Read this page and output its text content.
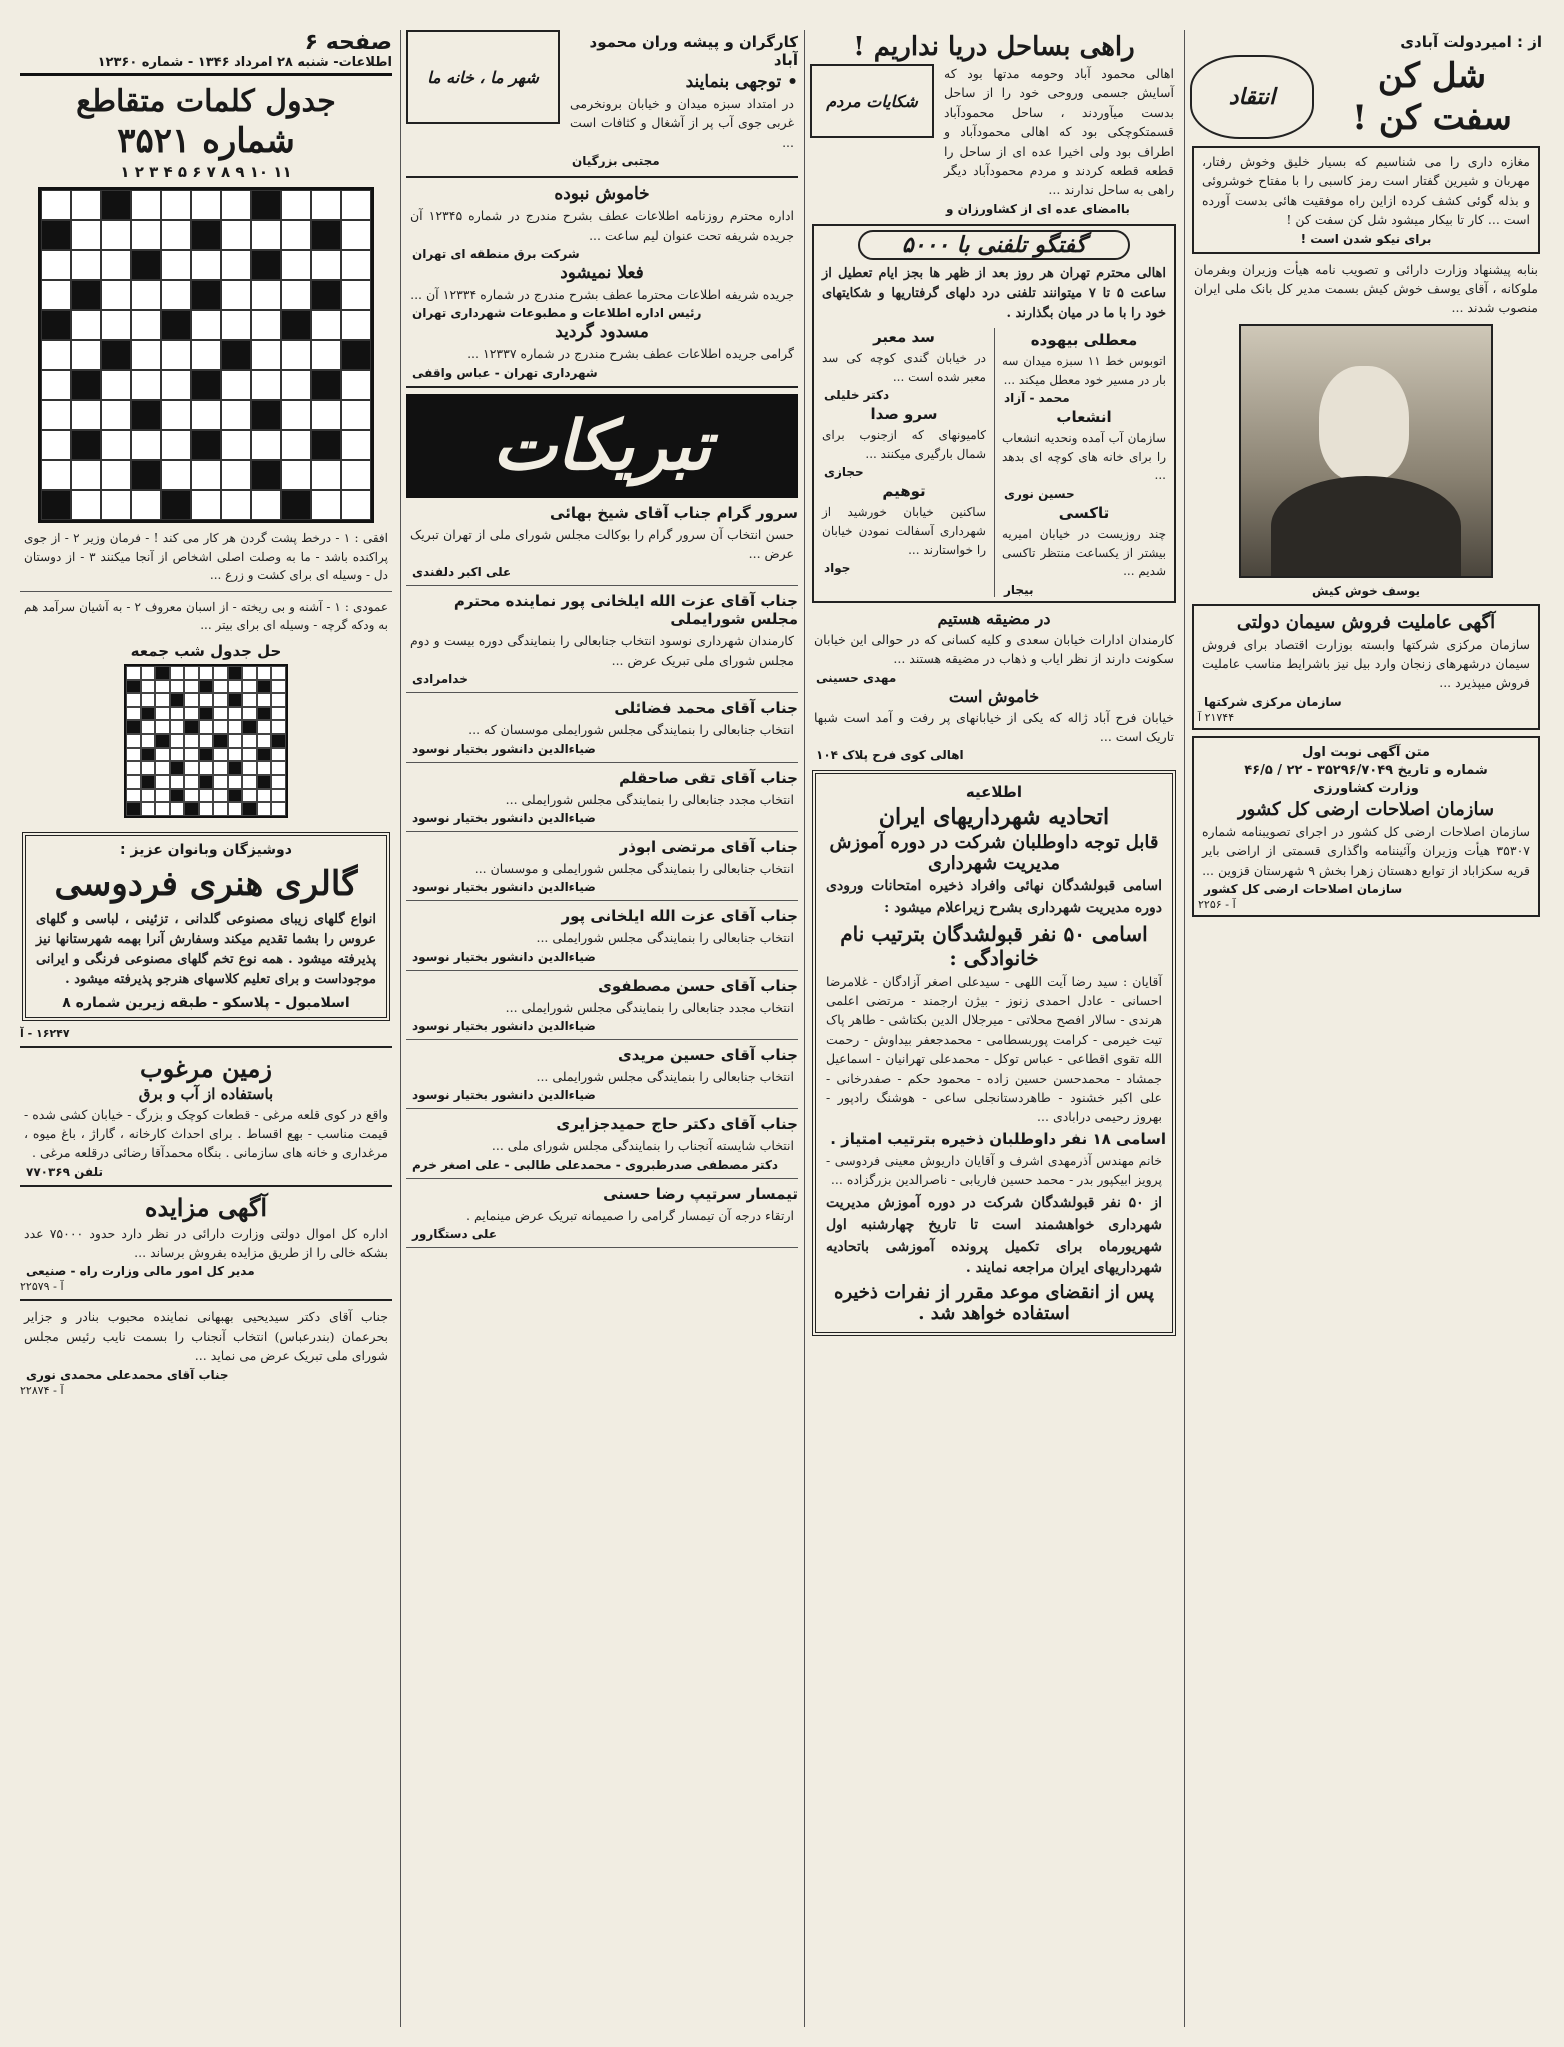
صفحه ۶
اطلاعات- شنبه ۲۸ امرداد ۱۳۴۶ - شماره ۱۲۳۶۰
جدول کلمات متقاطع
شماره ۳۵۲۱
۱ ۲ ۳ ۴ ۵ ۶ ۷ ۸ ۹ ۱۰ ۱۱

افقی : ۱ - درخط پشت گردن هر کار می کند ! - فرمان وزیر ۲ - از جوی پراکنده باشد - ما به وصلت اصلی اشخاص از آنجا میکنند ۳ - از دوستان دل - وسیله ای برای کشت و زرع ...

عمودی : ۱ - آشنه و بی ریخته - از اسبان معروف ۲ - به آشیان سرآمد هم به ودکه گرچه - وسیله ای برای بیتر ...

حل جدول شب جمعه
دوشیزگان وبانوان عزیز :
گالری هنری فردوسی

انواع گلهای زیبای مصنوعی گلدانی ، تزئینی ، لباسی و گلهای عروس را بشما تقدیم میکند وسفارش آنرا بهمه شهرستانها نیز پذیرفته میشود . همه نوع تخم گلهای مصنوعی فرنگی و ایرانی موجوداست و برای تعلیم کلاسهای هنرجو پذیرفته میشود .

اسلامبول - پلاسکو - طبقه زیرین شماره ۸
۱۶۲۴۷ - آ
زمین مرغوب
باستفاده از آب و برق

واقع در کوی قلعه مرغی - قطعات کوچک و بزرگ - خیابان کشی شده - قیمت مناسب - بهع اقساط . برای احداث کارخانه ، گاراژ ، باغ میوه ، مرغداری و خانه های سازمانی . بنگاه محمدآقا رضائی درقلعه مرغی .

تلفن ۷۷۰۳۶۹
آگهی مزایده

اداره کل اموال دولتی وزارت دارائی در نظر دارد حدود ۷۵۰۰۰ عدد بشکه خالی را از طریق مزایده بفروش برساند ...

مدیر کل امور مالی وزارت راه - صنیعی
آ - ۲۲۵۷۹

جناب آقای دکتر سیدیحیی بهبهانی نماینده محبوب بنادر و جزایر بحرعمان (بندرعباس) انتخاب آنجناب را بسمت نایب رئیس مجلس شورای ملی تبریک عرض می نماید ...

جناب آقای محمدعلی محمدی نوری
آ - ۲۲۸۷۴
کارگران و پیشه وران محمود آباد
• توجهی بنمایند

در امتداد سبزه میدان و خیابان برونخرمی غربی جوی آب پر از آشغال و کثافات است ...

مجتبی بزرگیان
شهر ما ، خانه ما
خاموش نبوده

اداره محترم روزنامه اطلاعات عطف بشرح مندرج در شماره ۱۲۳۴۵ آن جریده شریفه تحت عنوان لیم ساعت ...

شرکت برق منطقه ای تهران
فعلا نمیشود

جریده شریفه اطلاعات محترما عطف بشرح مندرج در شماره ۱۲۳۳۴ آن ...

رئیس اداره اطلاعات و مطبوعات شهرداری تهران
مسدود گردید

گرامی جریده اطلاعات عطف بشرح مندرج در شماره ۱۲۳۳۷ ...

شهرداری تهران - عباس واقفی
تبریکات
سرور گرام جناب آقای شیخ بهائی

حسن انتخاب آن سرور گرام را بوکالت مجلس شورای ملی از تهران تبریک عرض ...

علی اکبر دلفندی
جناب آقای عزت الله ایلخانی پور نماینده محترم مجلس شورایملی

کارمندان شهرداری نوسود انتخاب جنابعالی را بنمایندگی دوره بیست و دوم مجلس شورای ملی تبریک عرض ...

خدامرادی
جناب آقای محمد فضائلی

انتخاب جنابعالی را بنمایندگی مجلس شورایملی موسسان که ...

ضیاءالدین دانشور بختیار نوسود
جناب آقای تقی صاحقلم

انتخاب مجدد جنابعالی را بنمایندگی مجلس شورایملی ...

ضیاءالدین دانشور بختیار نوسود
جناب آقای مرتضی ابوذر

انتخاب جنابعالی را بنمایندگی مجلس شورایملی و موسسان ...

ضیاءالدین دانشور بختیار نوسود
جناب آقای عزت الله ایلخانی پور

انتخاب جنابعالی را بنمایندگی مجلس شورایملی ...

ضیاءالدین دانشور بختیار نوسود
جناب آقای حسن مصطفوی

انتخاب مجدد جنابعالی را بنمایندگی مجلس شورایملی ...

ضیاءالدین دانشور بختیار نوسود
جناب آقای حسین مریدی

انتخاب جنابعالی را بنمایندگی مجلس شورایملی ...

ضیاءالدین دانشور بختیار نوسود
جناب آقای دکتر حاج حمیدجزایری

انتخاب شایسته آنجناب را بنمایندگی مجلس شورای ملی ...

دکتر مصطفی صدرطبروی - محمدعلی طالبی - علی اصغر خرم
تیمسار سرتیپ رضا حسنی

ارتقاء درجه آن تیمسار گرامی را صمیمانه تبریک عرض مینمایم .

علی دستگارور
راهی بساحل دریا نداریم !

اهالی محمود آباد وحومه مدتها بود که آسایش جسمی وروحی خود را از ساحل بدست میآوردند ، ساحل محمودآباد قسمتکوچکی بود که اهالی محمودآباد و اطراف بود ولی اخیرا عده ای از ساحل را قطعه قطعه کردند و مردم محمودآباد دیگر راهی به ساحل ندارند ...

باامضای عده ای از کشاورزان و
شکایات مردم
گفتگو تلفنی با ۵۰۰۰

اهالی محترم تهران هر روز بعد از ظهر ها بجز ایام تعطیل از ساعت ۵ تا ۷ میتوانند تلفنی درد دلهای گرفتاریها و شکایتهای خود را با ما در میان بگذارند .

معطلی بیهوده

اتوبوس خط ۱۱ سبزه میدان سه بار در مسیر خود معطل میکند ...

محمد - آزاد
انشعاب

سازمان آب آمده ونحدیه انشعاب را برای خانه های کوچه ای بدهد ...

حسین نوری
تاکسی

چند روزیست در خیابان امیریه بیشتر از یکساعت منتظر تاکسی شدیم ...

بیجار
سد معبر

در خیابان گندی کوچه کی سد معبر شده است ...

دکتر خلیلی
سرو صدا

کامیونهای که ازجنوب برای شمال بارگیری میکنند ...

حجازی
توهیم

ساکنین خیابان خورشید از شهرداری آسفالت نمودن خیابان را خواستارند ...

جواد
در مضیقه هستیم

کارمندان ادارات خیابان سعدی و کلیه کسانی که در حوالی این خیابان سکونت دارند از نظر ایاب و ذهاب در مضیقه هستند ...

مهدی حسینی
خاموش است

خیابان فرح آباد ژاله که یکی از خیابانهای پر رفت و آمد است شبها تاریک است ...

اهالی کوی فرح پلاک ۱۰۴
اطلاعیه
اتحادیه شهرداریهای ایران
قابل توجه داوطلبان شرکت در دوره آموزش مدیریت شهرداری

اسامی قبولشدگان نهائی وافراد ذخیره امتحانات ورودی دوره مدیریت شهرداری بشرح زیراعلام میشود :

اسامی ۵۰ نفر قبولشدگان بترتیب نام خانوادگی :

آقایان : سید رضا آیت اللهی - سیدعلی اصغر آزادگان - غلامرضا احسانی - عادل احمدی زنوز - بیژن ارجمند - مرتضی اعلمی هرندی - سالار افصح محلاتی - میرجلال الدین بکتاشی - طاهر پاک تیت خیرمی - کرامت پوربسطامی - محمدجعفر بیداوش - رحمت الله تقوی اقطاعی - عباس توکل - محمدعلی تهرانیان - اسماعیل جمشاد - محمدحسن حسین زاده - محمود حکم - صفدرخانی - علی اکبر خشنود - طاهردستانجلی ساعی - هوشنگ رادپور - بهروز رحیمی درابادی ...

اسامی ۱۸ نفر داوطلبان ذخیره بترتیب امتیاز .

خانم مهندس آذرمهدی اشرف و آقایان داریوش معینی فردوسی - پرویز ابیکپور بدر - محمد حسین فاریابی - ناصرالدین بزرگزاده ...

از ۵۰ نفر قبولشدگان شرکت در دوره آموزش مدیریت شهرداری خواهشمند است تا تاریخ چهارشنبه اول شهریورماه برای تکمیل پرونده آموزشی باتحادیه شهرداریهای ایران مراجعه نمایند .

پس از انقضای موعد مقرر از نفرات ذخیره استفاده خواهد شد .
از : امیردولت آبادی
شل کن
سفت کن !
انتقاد

مغازه داری را می شناسیم که بسیار خلیق وخوش رفتار، مهربان و شیرین گفتار است رمز کاسبی را با مفتاح خوشروئی و بذله گوئی کشف کرده ازاین راه موفقیت هائی بدست آورده است ... کار تا بیکار میشود شل کن سفت کن !

برای نیکو شدن است !

بنابه پیشنهاد وزارت دارائی و تصویب نامه هیأت وزیران وبفرمان ملوکانه ، آقای یوسف خوش کیش بسمت مدیر کل بانک ملی ایران منصوب شدند ...

یوسف خوش کیش
آگهی عاملیت فروش سیمان دولتی

سازمان مرکزی شرکتها وابسته بوزارت اقتصاد برای فروش سیمان درشهرهای زنجان وارد بیل نیز باشرایط مناسب عاملیت فروش میپذیرد ...

سازمان مرکزی شرکتها
۲۱۷۴۴ آ
متن آگهی نوبت اول
شماره و تاریخ ۳۵۲۹۶/۷۰۴۹ - ۲۲ / ۴۶/۵
وزارت کشاورزی
سازمان اصلاحات ارضی کل کشور

سازمان اصلاحات ارضی کل کشور در اجرای تصویبنامه شماره ۳۵۳۰۷ هیأت وزیران وآئیننامه واگذاری قسمتی از اراضی بایر قریه سکزاباد از توابع دهستان زهرا بخش ۹ شهرستان قزوین ...

سازمان اصلاحات ارضی کل کشور
آ - ۲۲۵۶
